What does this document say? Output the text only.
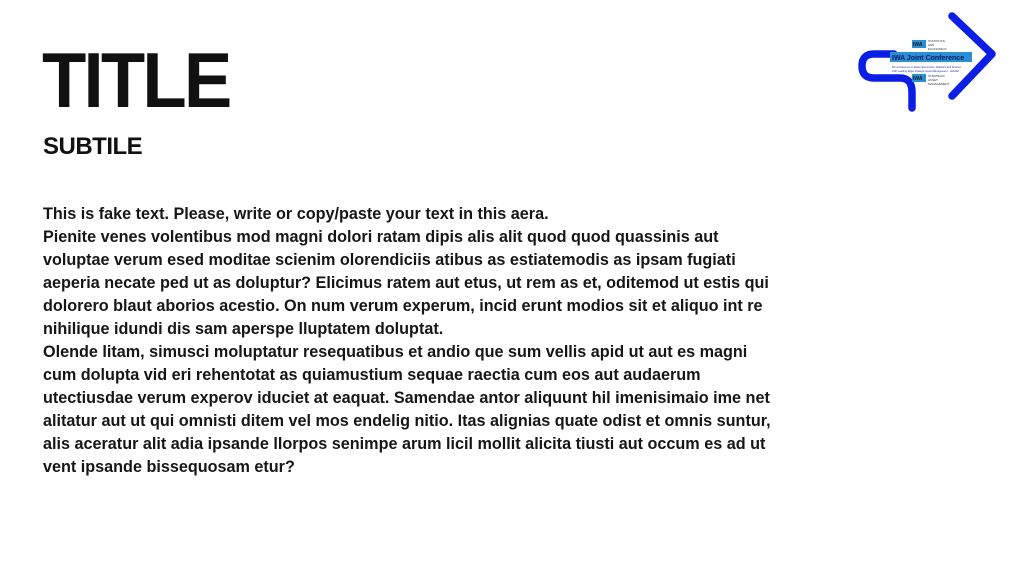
TITLE
SUBTILE

This is fake text. Please, write or copy/paste your text in this aera.

Pienite venes volentibus mod magni dolori ratam dipis alis alit quod quod quassinis aut voluptae verum esed moditae scienim olorendiciis atibus as estiatemodis as ipsam fugiati aeperia necate ped ut as doluptur? Elicimus ratem aut etus, ut rem as et, oditemod ut estis qui dolorero blaut aborios acestio. On num verum experum, incid erunt modios sit et aliquo int re nihilique idundi dis sam aperspe lluptatem doluptat.

Olende litam, simusci moluptatur resequatibus et andio que sum vellis apid ut aut es magni cum dolupta vid eri rehentotat as quiamustium sequae raectia cum eos aut audaerum utectiusdae verum experov iduciet at eaquat. Samendae antor aliquunt hil imenisimaio ime net alitatur aut ut qui omnisti ditem vel mos endelig nitio. Itas alignias quate odist et omnis suntur, alis aceratur alit adia ipsande llorpos senimpe arum licil mollit alicita tiusti aut occum es ad ut vent ipsande bissequosam etur?

IWA
STATISTICS
AND
ECONOMICS
IWA Joint Conference
6th Conference on Water Economics, Statistics and Finance
10th Leading Edge Strategic Asset Management - LESAM
IWA STRATEGIC
ASSET
MANAGEMENT
